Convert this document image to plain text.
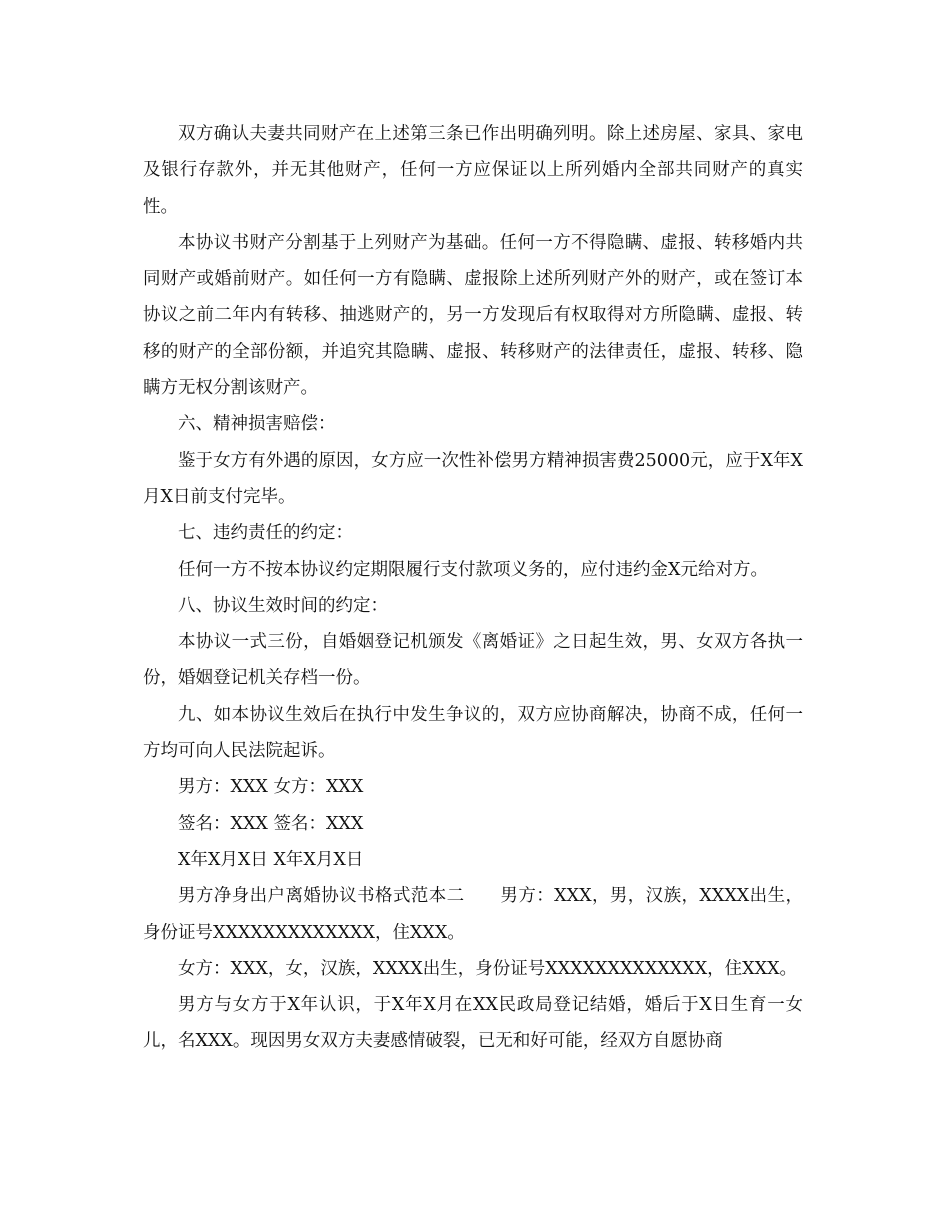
双方确认夫妻共同财产在上述第三条已作出明确列明。除上述房屋、家具、家电及银行存款外，并无其他财产，任何一方应保证以上所列婚内全部共同财产的真实性。

本协议书财产分割基于上列财产为基础。任何一方不得隐瞒、虚报、转移婚内共同财产或婚前财产。如任何一方有隐瞒、虚报除上述所列财产外的财产，或在签订本协议之前二年内有转移、抽逃财产的，另一方发现后有权取得对方所隐瞒、虚报、转移的财产的全部份额，并追究其隐瞒、虚报、转移财产的法律责任，虚报、转移、隐瞒方无权分割该财产。

六、精神损害赔偿：

鉴于女方有外遇的原因，女方应一次性补偿男方精神损害费25000元，应于X年X月X日前支付完毕。

七、违约责任的约定：

任何一方不按本协议约定期限履行支付款项义务的，应付违约金X元给对方。

八、协议生效时间的约定：

本协议一式三份，自婚姻登记机颁发《离婚证》之日起生效，男、女双方各执一份，婚姻登记机关存档一份。

九、如本协议生效后在执行中发生争议的，双方应协商解决，协商不成，任何一方均可向人民法院起诉。

男方：XXX 女方：XXX

签名：XXX 签名：XXX

X年X月X日 X年X月X日

男方净身出户离婚协议书格式范本二　　男方：XXX，男，汉族，XXXX出生，身份证号XXXXXXXXXXXXX，住XXX。

女方：XXX，女，汉族，XXXX出生，身份证号XXXXXXXXXXXXX，住XXX。

男方与女方于X年认识，于X年X月在XX民政局登记结婚，婚后于X日生育一女儿，名XXX。现因男女双方夫妻感情破裂，已无和好可能，经双方自愿协商
